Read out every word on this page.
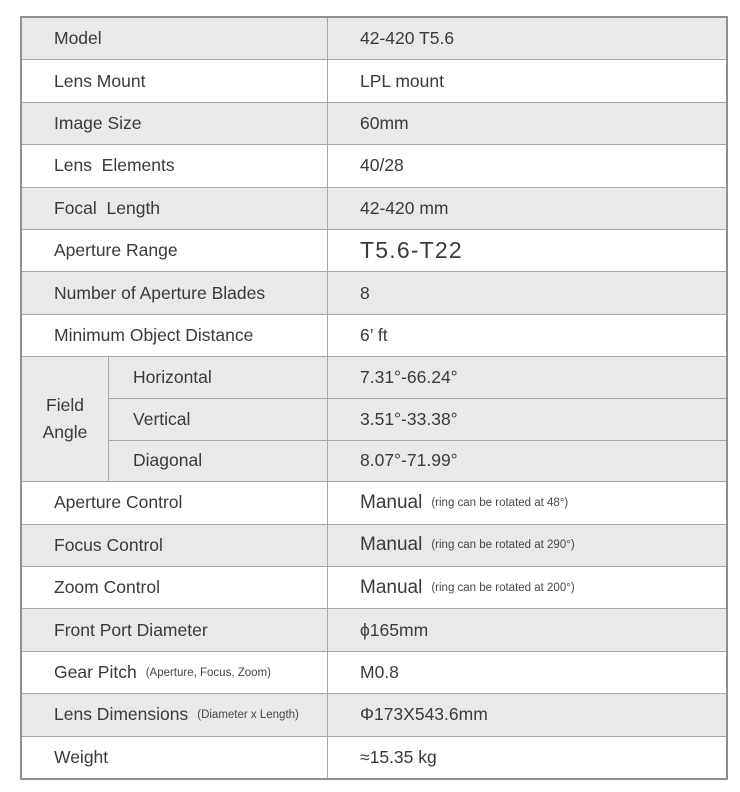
Model	42-420 T5.6
Lens Mount	LPL mount
Image Size	60mm
Lens  Elements	40/28
Focal  Length	42-420 mm
Aperture Range	T5.6-T22
Number of Aperture Blades	8
Minimum Object Distance	6’ ft
Field Angle
Horizontal	7.31°-66.24°
Vertical	3.51°-33.38°
Diagonal	8.07°-71.99°
Aperture Control	Manual (ring can be rotated at 48°)
Focus Control	Manual (ring can be rotated at 290°)
Zoom Control	Manual (ring can be rotated at 200°)
Front Port Diameter	ϕ165mm
Gear Pitch (Aperture, Focus, Zoom)	M0.8
Lens Dimensions (Diameter x Length)	Φ173X543.6mm
Weight	≈15.35 kg
